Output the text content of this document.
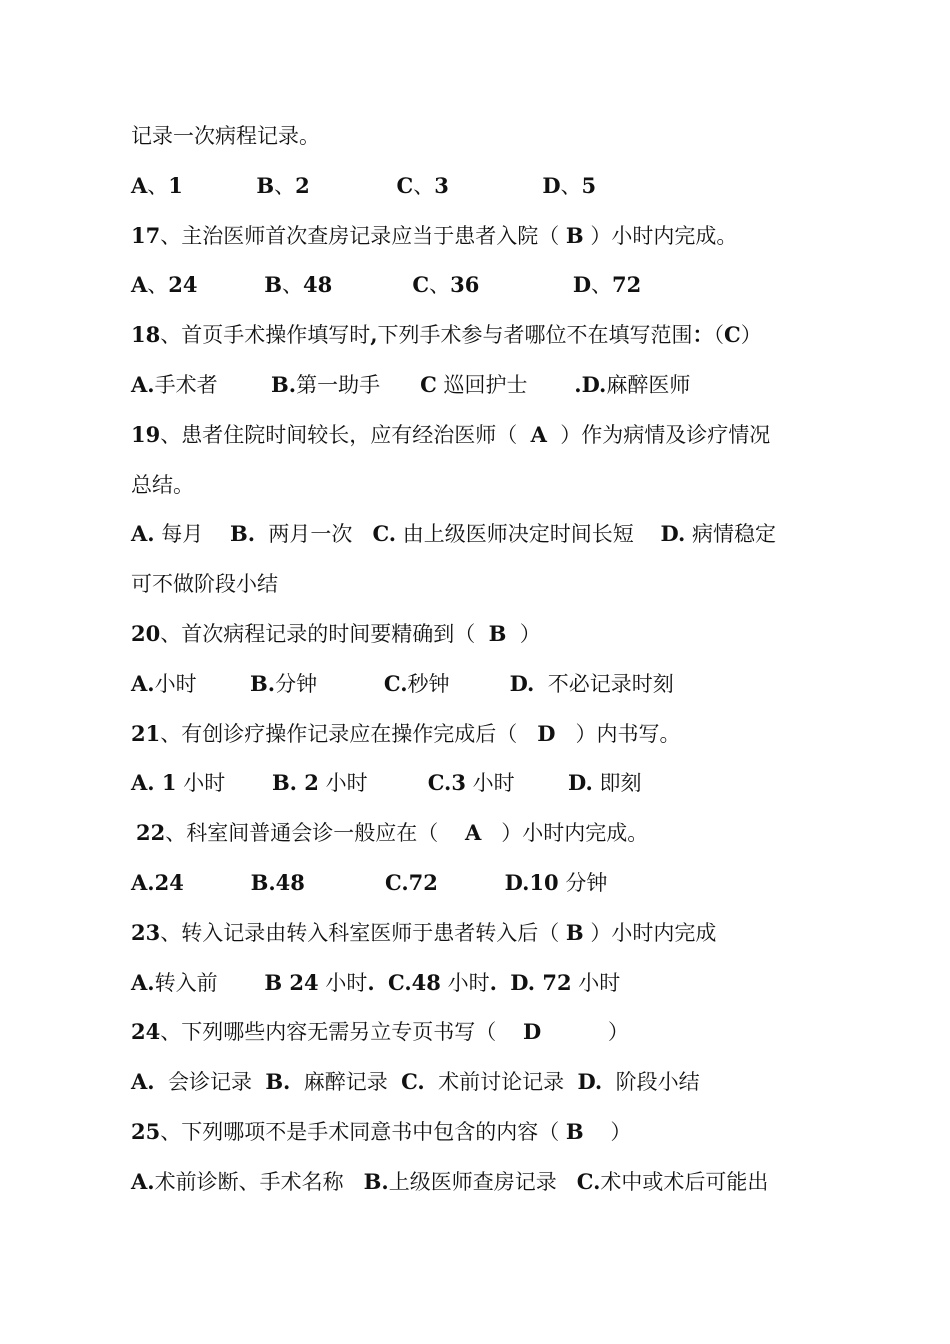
记录一次病程记录。
A、1	B、2	C、3	D、5
17、主治医师首次查房记录应当于患者入院（ B ）小时内完成。
A、24	B、48	C、36	D、72
18、首页手术操作填写时,下列手术参与者哪位不在填写范围：（C）
A.手术者        B.第一助手      C 巡回护士       .D.麻醉医师
19、患者住院时间较长，应有经治医师（  A  ）作为病情及诊疗情况
总结。
A. 每月    B.  两月一次   C. 由上级医师决定时间长短    D. 病情稳定
可不做阶段小结
20、首次病程记录的时间要精确到（  B  ）
A.小时        B.分钟          C.秒钟         D.  不必记录时刻
21、有创诊疗操作记录应在操作完成后（   D   ）内书写。
A. 1 小时       B. 2 小时         C.3 小时        D. 即刻
22、科室间普通会诊一般应在（    A   ）小时内完成。
A.24	B.48	C.72	D.10 分钟
23、转入记录由转入科室医师于患者转入后（ B ）小时内完成
A.转入前       B 24 小时. C.48 小时. D. 72 小时
24、下列哪些内容无需另立专页书写（    D          ）
A.  会诊记录  B.  麻醉记录  C.  术前讨论记录  D.  阶段小结
25、下列哪项不是手术同意书中包含的内容（ B    ）
A.术前诊断、手术名称   B.上级医师查房记录   C.术中或术后可能出
